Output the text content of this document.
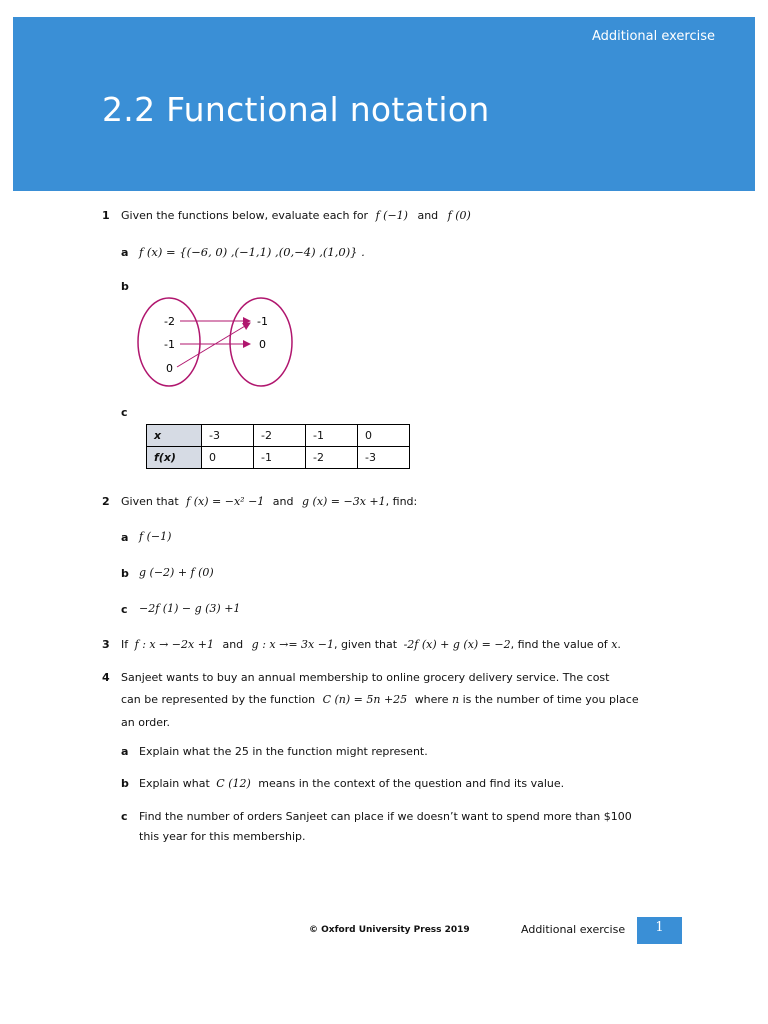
Additional exercise
2.2 Functional notation
1 Given the functions below, evaluate each for f (−1) and f (0)
a f (x) = {(−6, 0) ,(−1,1) ,(0,−4) ,(1,0)} .
b
-2
-1
0
-1
0
c
x	-3	-2	-1	0
f(x)	0	-1	-2	-3
2 Given that f (x) = −x² −1 and g (x) = −3x +1, find:
a f (−1)
b g (−2) + f (0)
c −2f (1) − g (3) +1
3 If f : x → −2x +1 and g : x →= 3x −1, given that -2f (x) + g (x) = −2, find the value of x.
4 Sanjeet wants to buy an annual membership to online grocery delivery service. The cost
can be represented by the function C (n) = 5n +25 where n is the number of time you place
an order.
a Explain what the 25 in the function might represent.
b Explain what C (12) means in the context of the question and find its value.
c Find the number of orders Sanjeet can place if we doesn’t want to spend more than $100
this year for this membership.
© Oxford University Press 2019	Additional exercise	1
